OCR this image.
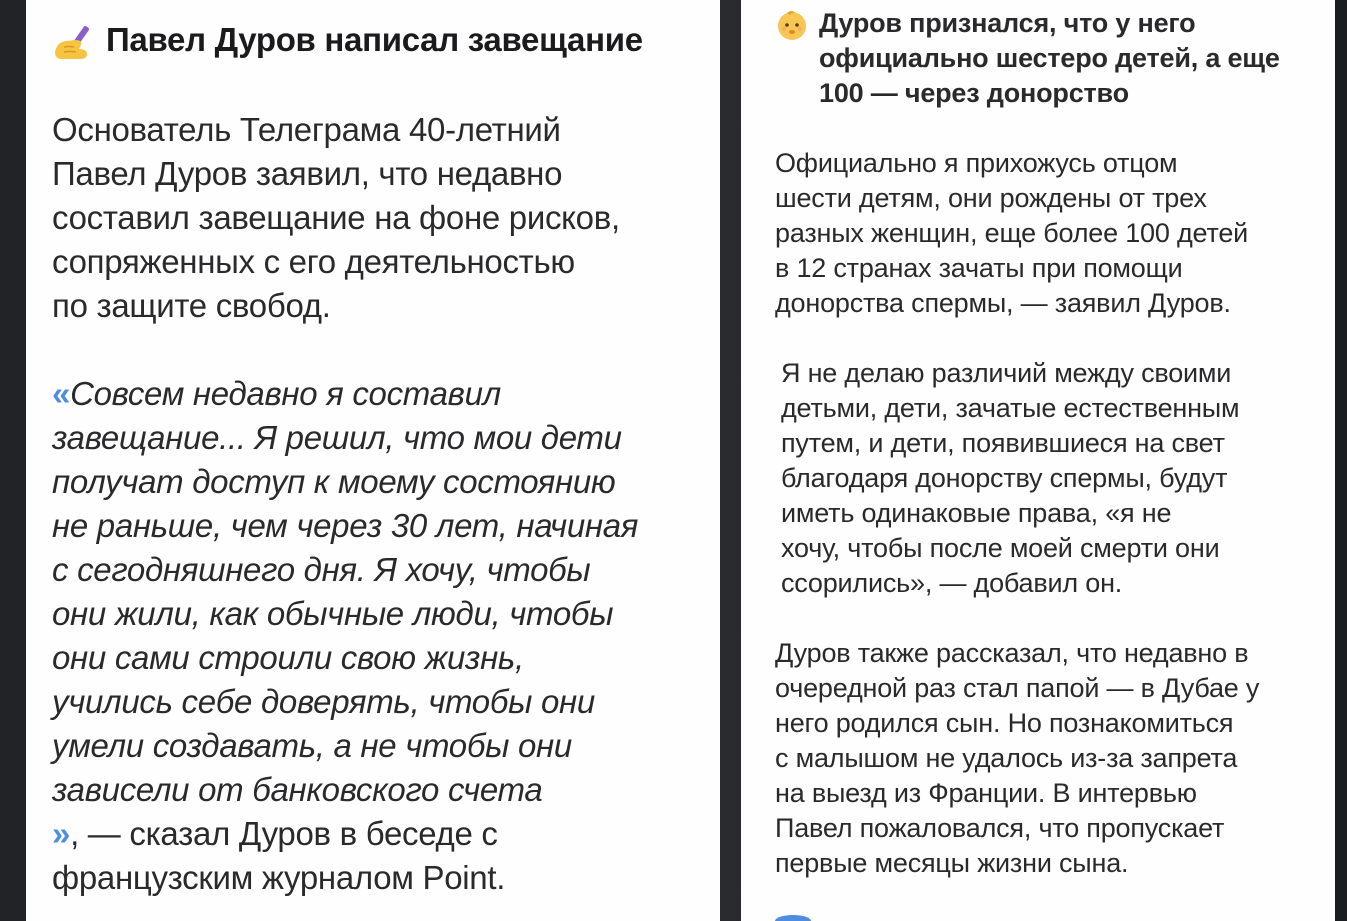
Павел Дуров написал завещание

Основатель Телеграма 40-летний
Павел Дуров заявил, что недавно
составил завещание на фоне рисков,
сопряженных с его деятельностью
по защите свобод.

«Совсем недавно я составил
завещание... Я решил, что мои дети
получат доступ к моему состоянию
не раньше, чем через 30 лет, начиная
с сегодняшнего дня. Я хочу, чтобы
они жили, как обычные люди, чтобы
они сами строили свою жизнь,
учились себе доверять, чтобы они
умели создавать, а не чтобы они
зависели от банковского счета

», — сказал Дуров в беседе с
французским журналом Point.

Дуров признался, что у него
официально шестеро детей, а еще
100 — через донорство

Официально я прихожусь отцом
шести детям, они рождены от трех
разных женщин, еще более 100 детей
в 12 странах зачаты при помощи
донорства спермы, — заявил Дуров.

Я не делаю различий между своими
детьми, дети, зачатые естественным
путем, и дети, появившиеся на свет
благодаря донорству спермы, будут
иметь одинаковые права, «я не
хочу, чтобы после моей смерти они
ссорились», — добавил он.

Дуров также рассказал, что недавно в
очередной раз стал папой — в Дубае у
него родился сын. Но познакомиться
с малышом не удалось из-за запрета
на выезд из Франции. В интервью
Павел пожаловался, что пропускает
первые месяцы жизни сына.
